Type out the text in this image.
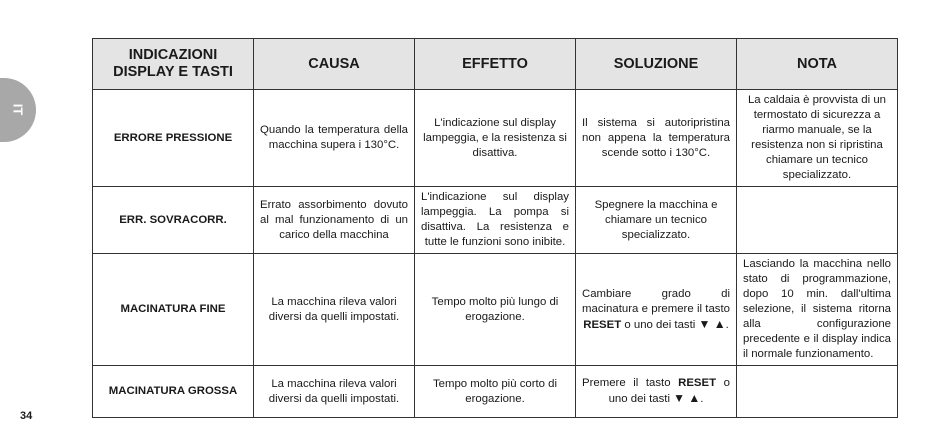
IT
INDICAZIONI DISPLAY E TASTI	CAUSA	EFFETTO	SOLUZIONE	NOTA
ERRORE PRESSIONE	Quando la temperatura della macchina supera i 130°C.	L'indicazione sul display lampeggia, e la resistenza si disattiva.	Il sistema si autoripristina non appena la temperatura scende sotto i 130°C.	La caldaia è provvista di un termostato di sicurezza a riarmo manuale, se la resistenza non si ripristina chiamare un tecnico specializzato.
ERR. SOVRACORR.	Errato assorbimento dovuto al mal funzionamento di un carico della macchina	L'indicazione sul display lampeggia. La pompa si disattiva. La resistenza e tutte le funzioni sono inibite.	Spegnere la macchina e chiamare un tecnico specializzato.	
MACINATURA FINE	La macchina rileva valori diversi da quelli impostati.	Tempo molto più lungo di erogazione.	Cambiare grado di macinatura e premere il tasto RESET o uno dei tasti ▼ ▲.	Lasciando la macchina nello stato di programmazione, dopo 10 min. dall'ultima selezione, il sistema ritorna alla configurazione precedente e il display indica il normale funzionamento.
MACINATURA GROSSA	La macchina rileva valori diversi da quelli impostati.	Tempo molto più corto di erogazione.	Premere il tasto RESET o uno dei tasti ▼ ▲.	
34
